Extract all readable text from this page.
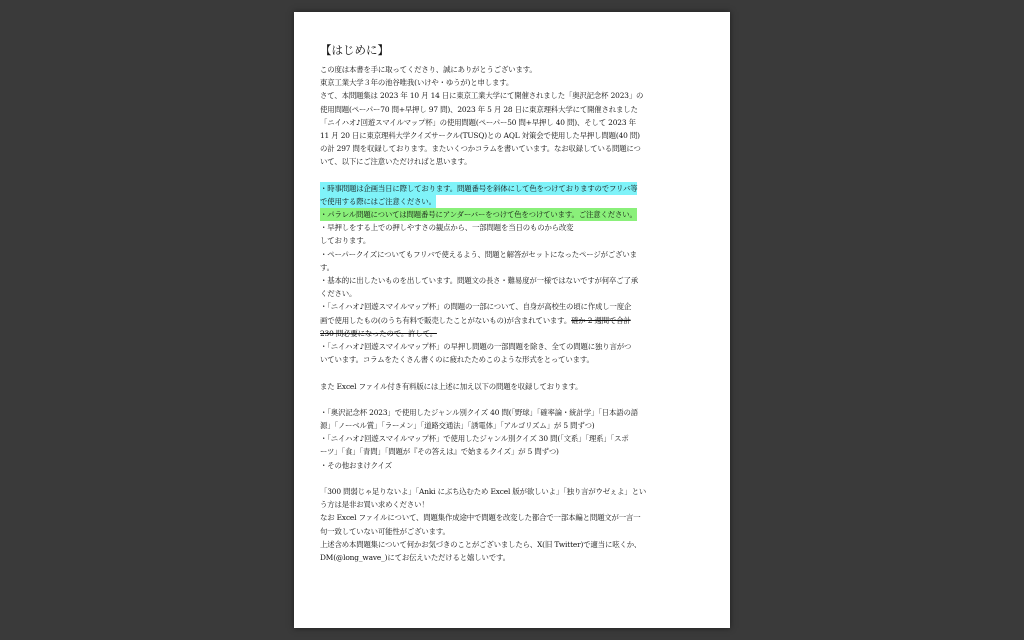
【はじめに】
この度は本書を手に取ってくださり、誠にありがとうございます。
東京工業大学３年の池谷唯我(いけや・ゆうが)と申します。
さて、本問題集は 2023 年 10 月 14 日に東京工業大学にて開催されました「奥沢記念杯 2023」の
使用問題(ペーパー70 問+早押し 97 問)、2023 年 5 月 28 日に東京理科大学にて開催されました
「ニイハオ♪回遊スマイルマップ杯」の使用問題(ペーパー50 問+早押し 40 問)、そして 2023 年
11 月 20 日に東京理科大学クイズサークル(TUSQ)との AQL 対策会で使用した早押し問題(40 問)
の計 297 問を収録しております。またいくつかコラムを書いています。なお収録している問題につ
いて、以下にご注意いただければと思います。
・時事問題は企画当日に際しております。問題番号を斜体にして色をつけておりますのでフリバ等
で使用する際にはご注意ください。
・パラレル問題については問題番号にアンダーバーをつけて色をつけています。ご注意ください。
・早押しをする上での押しやすさの観点から、一部問題を当日のものから改変
しております。
・ペーパークイズについてもフリバで使えるよう、問題と解答がセットになったページがございま
す。
・基本的に出したいものを出しています。問題文の長さ・難易度が一様ではないですが何卒ご了承
ください。
・「ニイハオ♪回遊スマイルマップ杯」の問題の一部について、自身が高校生の頃に作成し一度企
画で使用したもの(のうち有料で販売したことがないもの)が含まれています。確か 2 週間で合計
230 問必要になったので。許して。
・「ニイハオ♪回遊スマイルマップ杯」の早押し問題の一部問題を除き、全ての問題に独り言がつ
いています。コラムをたくさん書くのに疲れたためこのような形式をとっています。
また Excel ファイル付き有料版には上述に加え以下の問題を収録しております。
・「奥沢記念杯 2023」で使用したジャンル別クイズ 40 問(「野球」「確率論・統計学」「日本語の語
源」「ノーベル賞」「ラーメン」「道路交通法」「誘電体」「アルゴリズム」が 5 問ずつ)
・「ニイハオ♪回遊スマイルマップ杯」で使用したジャンル別クイズ 30 問(「文系」「理系」「スポ
ーツ」「食」「青問」「問題が『その答えは』で始まるクイズ」が 5 問ずつ)
・その他おまけクイズ
「300 問弱じゃ足りないよ」「Anki にぶち込むため Excel 版が欲しいよ」「独り言がウゼぇよ」とい
う方は是非お買い求めください！
なお Excel ファイルについて、問題集作成途中で問題を改変した都合で一部本編と問題文が一言一
句一致していない可能性がございます。
上述含め本問題集について何かお気づきのことがございましたら、X(旧 Twitter)で適当に呟くか、
DM(@long_wave_)にてお伝えいただけると嬉しいです。
